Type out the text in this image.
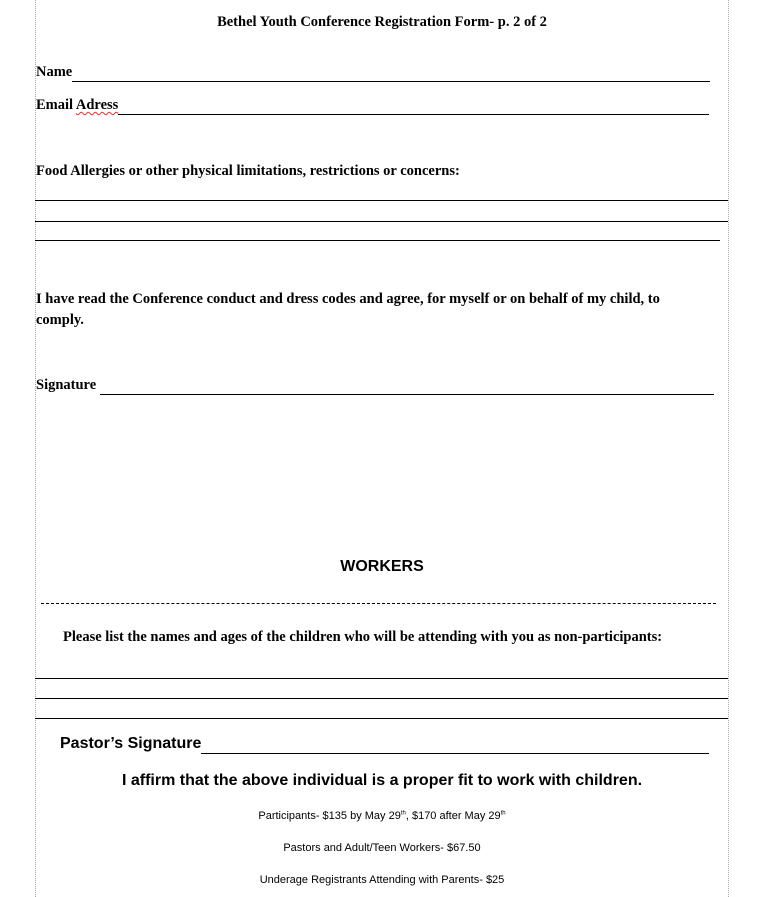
Bethel Youth Conference Registration Form- p. 2 of 2
Name
Email Adress
Food Allergies or other physical limitations, restrictions or concerns:
I have read the Conference conduct and dress codes and agree, for myself or on behalf of my child, to
comply.
Signature
WORKERS
Please list the names and ages of the children who will be attending with you as non-participants:
Pastor’s Signature
I affirm that the above individual is a proper fit to work with children.
Participants- $135 by May 29th, $170 after May 29th
Pastors and Adult/Teen Workers- $67.50
Underage Registrants Attending with Parents- $25
